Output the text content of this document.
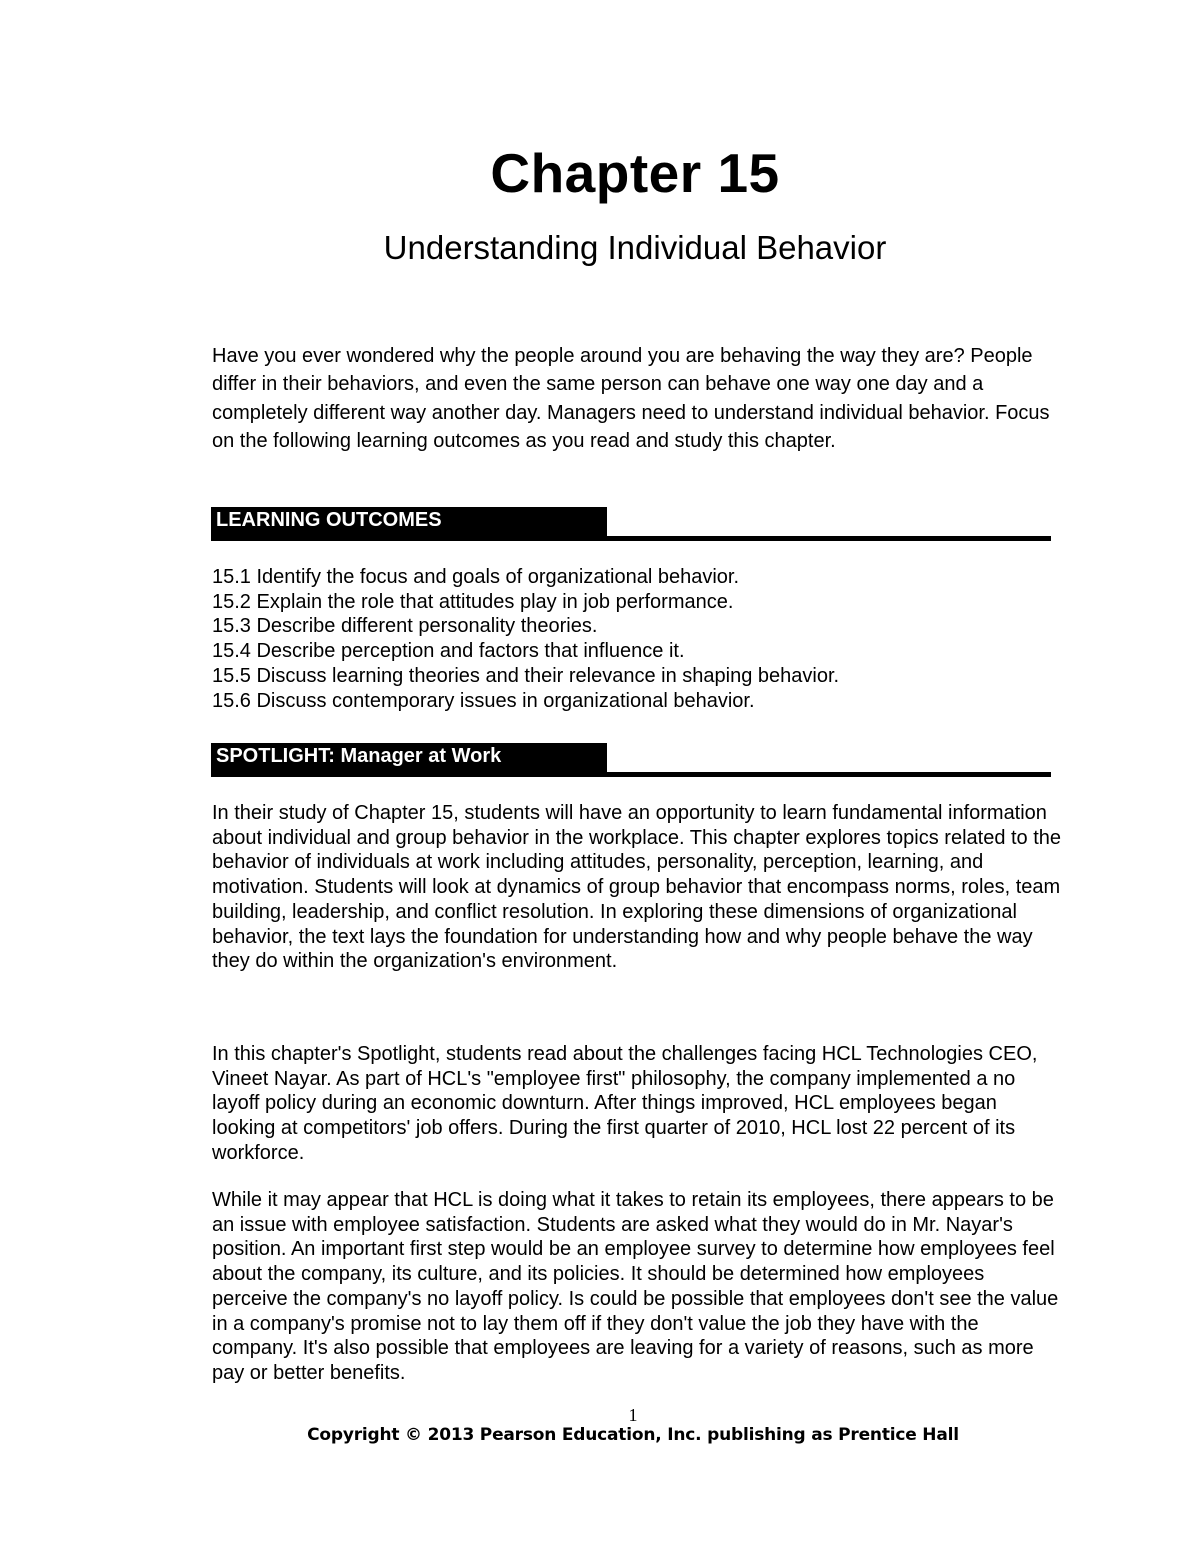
Chapter 15
Understanding Individual Behavior

Have you ever wondered why the people around you are behaving the way they are? People differ in their behaviors, and even the same person can behave one way one day and a completely different way another day. Managers need to understand individual behavior. Focus on the following learning outcomes as you read and study this chapter.

LEARNING OUTCOMES
15.1 Identify the focus and goals of organizational behavior.
15.2 Explain the role that attitudes play in job performance.
15.3 Describe different personality theories.
15.4 Describe perception and factors that influence it.
15.5 Discuss learning theories and their relevance in shaping behavior.
15.6 Discuss contemporary issues in organizational behavior.
SPOTLIGHT: Manager at Work

In their study of Chapter 15, students will have an opportunity to learn fundamental information about individual and group behavior in the workplace. This chapter explores topics related to the behavior of individuals at work including attitudes, personality, perception, learning, and motivation. Students will look at dynamics of group behavior that encompass norms, roles, team building, leadership, and conflict resolution. In exploring these dimensions of organizational behavior, the text lays the foundation for understanding how and why people behave the way they do within the organization's environment.

In this chapter's Spotlight, students read about the challenges facing HCL Technologies CEO, Vineet Nayar. As part of HCL's "employee first" philosophy, the company implemented a no layoff policy during an economic downturn. After things improved, HCL employees began looking at competitors' job offers. During the first quarter of 2010, HCL lost 22 percent of its workforce.

While it may appear that HCL is doing what it takes to retain its employees, there appears to be an issue with employee satisfaction. Students are asked what they would do in Mr. Nayar's position. An important first step would be an employee survey to determine how employees feel about the company, its culture, and its policies. It should be determined how employees perceive the company's no layoff policy. Is could be possible that employees don't see the value in a company's promise not to lay them off if they don't value the job they have with the company. It's also possible that employees are leaving for a variety of reasons, such as more pay or better benefits.

1
Copyright © 2013 Pearson Education, Inc. publishing as Prentice Hall
